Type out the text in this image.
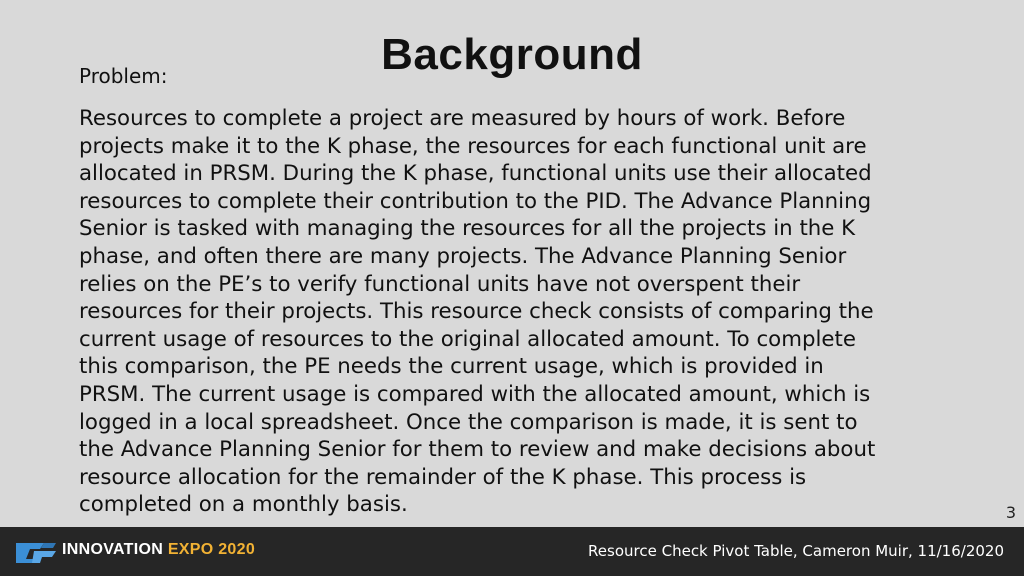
Background
Problem:
Resources to complete a project are measured by hours of work. Before
projects make it to the K phase, the resources for each functional unit are
allocated in PRSM. During the K phase, functional units use their allocated
resources to complete their contribution to the PID. The Advance Planning
Senior is tasked with managing the resources for all the projects in the K
phase, and often there are many projects. The Advance Planning Senior
relies on the PE’s to verify functional units have not overspent their
resources for their projects. This resource check consists of comparing the
current usage of resources to the original allocated amount. To complete
this comparison, the PE needs the current usage, which is provided in
PRSM. The current usage is compared with the allocated amount, which is
logged in a local spreadsheet. Once the comparison is made, it is sent to
the Advance Planning Senior for them to review and make decisions about
resource allocation for the remainder of the K phase. This process is
completed on a monthly basis.	3
INNOVATION EXPO 2020	Resource Check Pivot Table, Cameron Muir, 11/16/2020
